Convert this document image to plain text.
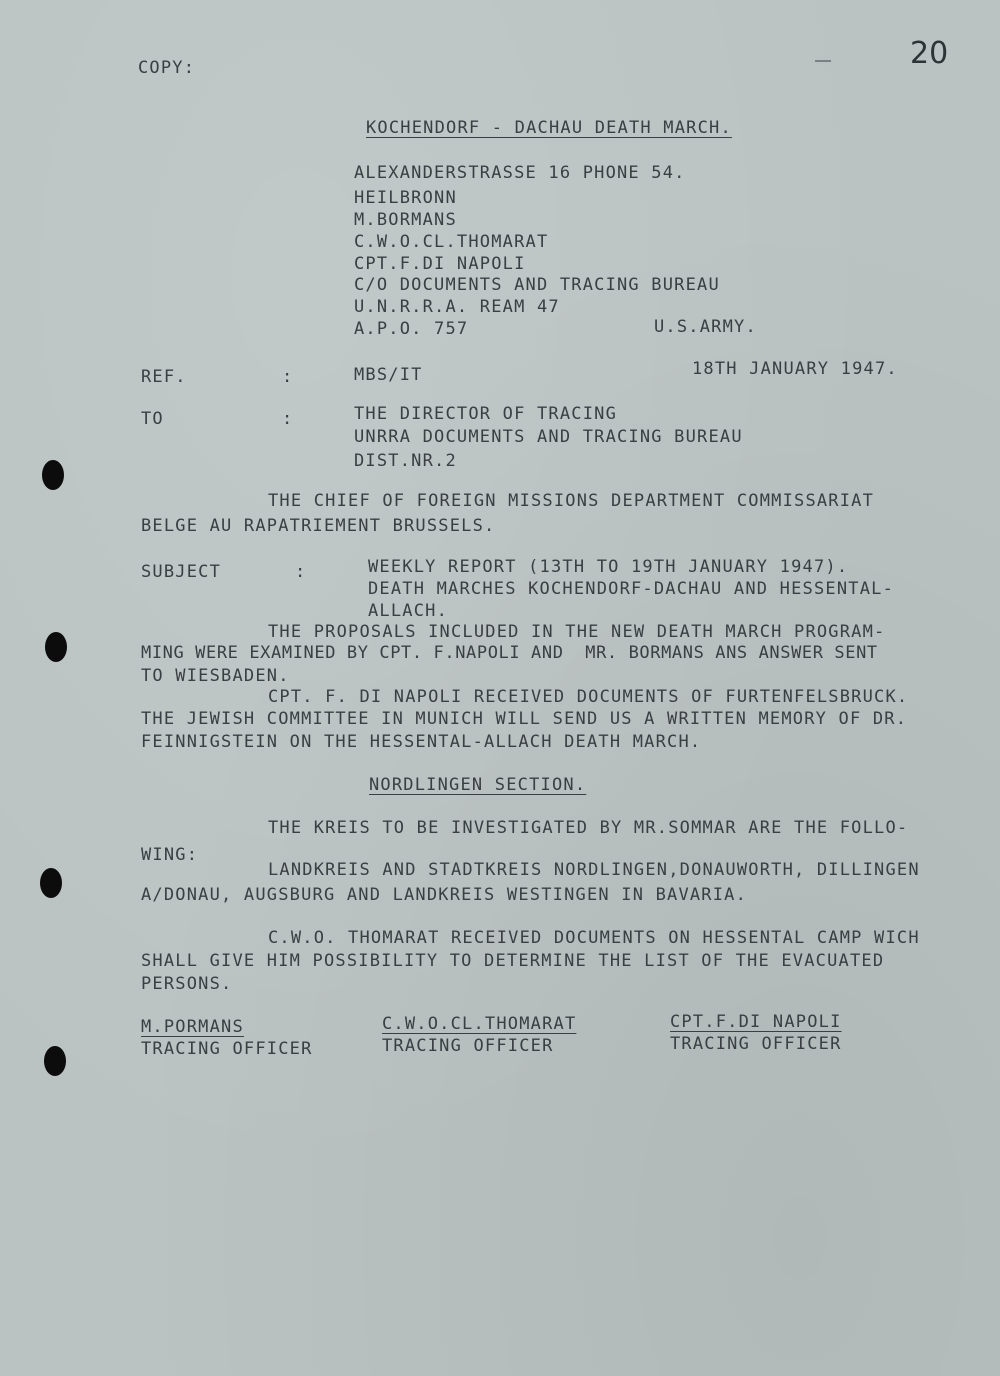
COPY:	20
KOCHENDORF - DACHAU DEATH MARCH.
ALEXANDERSTRASSE 16 PHONE 54.
HEILBRONN
M.BORMANS
C.W.O.CL.THOMARAT
CPT.F.DI NAPOLI
C/O DOCUMENTS AND TRACING BUREAU
U.N.R.R.A. REAM 47
A.P.O. 757	U.S.ARMY.
REF.	:	MBS/IT	18TH JANUARY 1947.
TO	:	THE DIRECTOR OF TRACING
UNRRA DOCUMENTS AND TRACING BUREAU
DIST.NR.2
THE CHIEF OF FOREIGN MISSIONS DEPARTMENT COMMISSARIAT
BELGE AU RAPATRIEMENT BRUSSELS.
SUBJECT	:	WEEKLY REPORT (13TH TO 19TH JANUARY 1947).
DEATH MARCHES KOCHENDORF-DACHAU AND HESSENTAL-
ALLACH.
THE PROPOSALS INCLUDED IN THE NEW DEATH MARCH PROGRAM-
MING WERE EXAMINED BY CPT. F.NAPOLI AND  MR. BORMANS ANS ANSWER SENT
TO WIESBADEN.
CPT. F. DI NAPOLI RECEIVED DOCUMENTS OF FURTENFELSBRUCK.
THE JEWISH COMMITTEE IN MUNICH WILL SEND US A WRITTEN MEMORY OF DR.
FEINNIGSTEIN ON THE HESSENTAL-ALLACH DEATH MARCH.
NORDLINGEN SECTION.
THE KREIS TO BE INVESTIGATED BY MR.SOMMAR ARE THE FOLLO-
WING:
LANDKREIS AND STADTKREIS NORDLINGEN,DONAUWORTH, DILLINGEN
A/DONAU, AUGSBURG AND LANDKREIS WESTINGEN IN BAVARIA.
C.W.O. THOMARAT RECEIVED DOCUMENTS ON HESSENTAL CAMP WICH
SHALL GIVE HIM POSSIBILITY TO DETERMINE THE LIST OF THE EVACUATED
PERSONS.
M.PORMANS
TRACING OFFICER
C.W.O.CL.THOMARAT
TRACING OFFICER
CPT.F.DI NAPOLI
TRACING OFFICER
